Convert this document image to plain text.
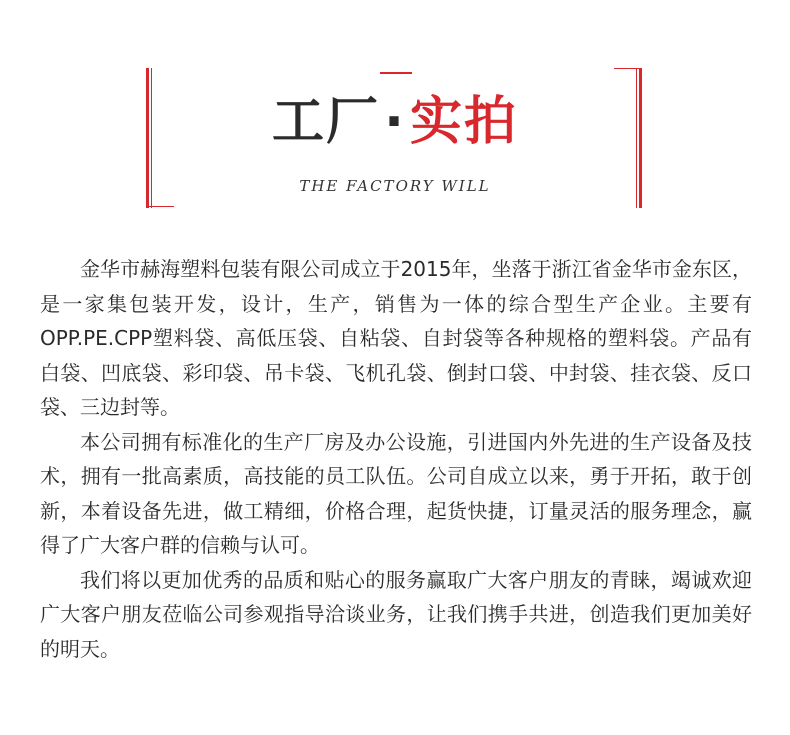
工厂·实拍
THE FACTORY WILL

金华市赫海塑料包装有限公司成立于2015年，坐落于浙江省金华市金东区，是一家集包装开发，设计，生产，销售为一体的综合型生产企业。主要有OPP.PE.CPP塑料袋、高低压袋、自粘袋、自封袋等各种规格的塑料袋。产品有白袋、凹底袋、彩印袋、吊卡袋、飞机孔袋、倒封口袋、中封袋、挂衣袋、反口袋、三边封等。

本公司拥有标准化的生产厂房及办公设施，引进国内外先进的生产设备及技术，拥有一批高素质，高技能的员工队伍。公司自成立以来，勇于开拓，敢于创新，本着设备先进，做工精细，价格合理，起货快捷，订量灵活的服务理念，赢得了广大客户群的信赖与认可。

我们将以更加优秀的品质和贴心的服务赢取广大客户朋友的青睐，竭诚欢迎广大客户朋友莅临公司参观指导洽谈业务，让我们携手共进，创造我们更加美好的明天。
